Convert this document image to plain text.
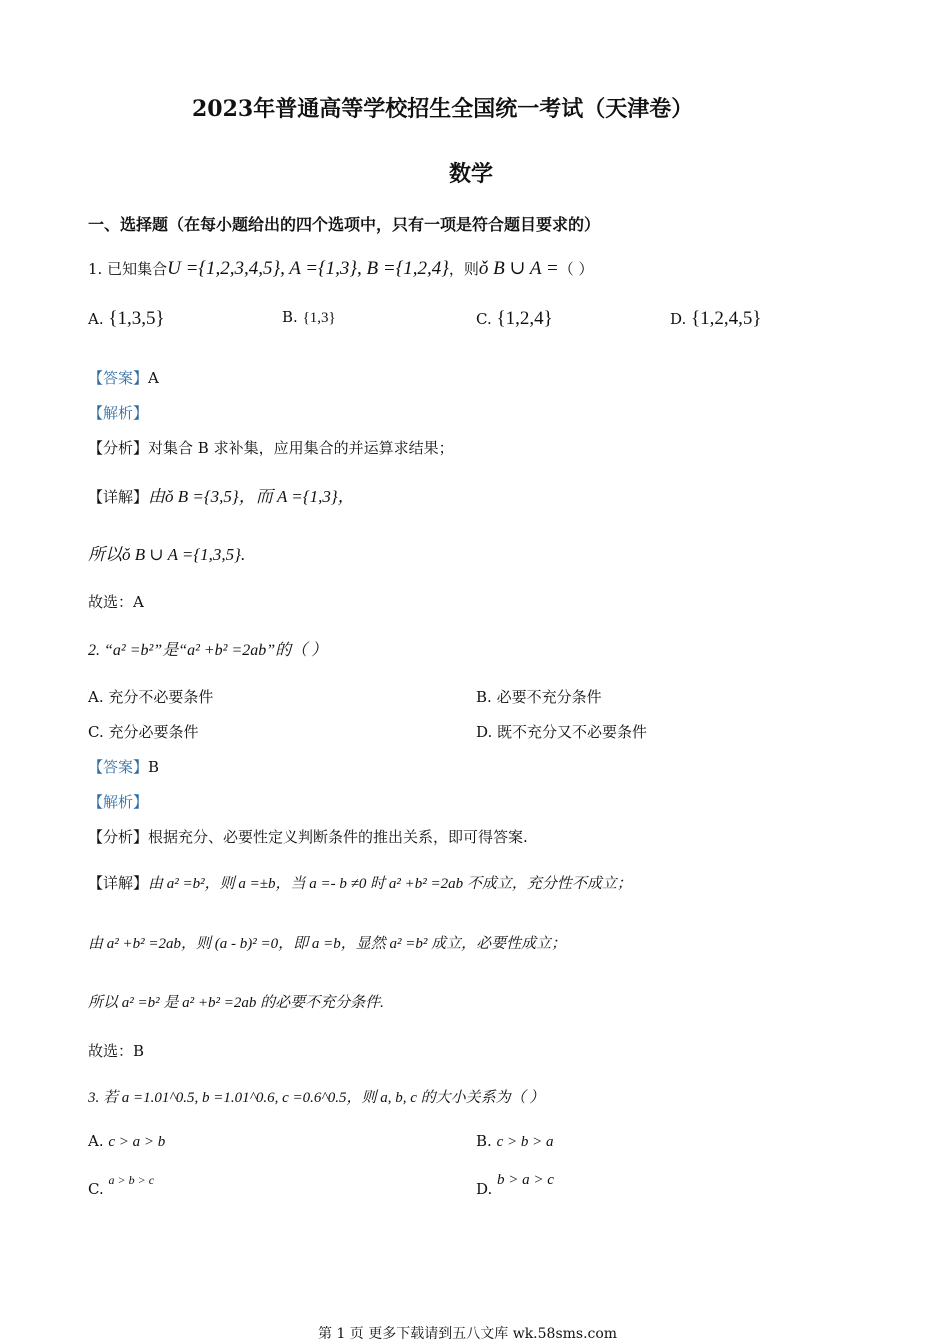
2023年普通高等学校招生全国统一考试（天津卷）
数学
一、选择题（在每小题给出的四个选项中，只有一项是符合题目要求的）
1. 已知集合U ={1,2,3,4,5}, A ={1,3}, B ={1,2,4}，则ǒ B ∪ A =（ ）
A. {1,3,5}	B. {1,3}	C. {1,2,4}	D. {1,2,4,5}
【答案】A
【解析】
【分析】对集合 B 求补集，应用集合的并运算求结果；
【详解】由ǒ B ={3,5}，而 A ={1,3}，
所以ǒ B ∪ A ={1,3,5}.
故选：A
2. “a² =b²”是“a² +b² =2ab”的（ ）
A. 充分不必要条件	B. 必要不充分条件
C. 充分必要条件	D. 既不充分又不必要条件
【答案】B
【解析】
【分析】根据充分、必要性定义判断条件的推出关系，即可得答案.
【详解】由 a² =b²，则 a =±b，当 a =- b ≠0 时 a² +b² =2ab 不成立，充分性不成立；
由 a² +b² =2ab，则 (a - b)² =0，即 a =b，显然 a² =b² 成立，必要性成立；
所以 a² =b² 是 a² +b² =2ab 的必要不充分条件.
故选：B
3. 若 a =1.01^0.5, b =1.01^0.6, c =0.6^0.5，则 a, b, c 的大小关系为（ ）
A. c > a > b	B. c > b > a
C. a > b > c	D. b > a > c
第 1 页 更多下载请到五八文库 wk.58sms.com
